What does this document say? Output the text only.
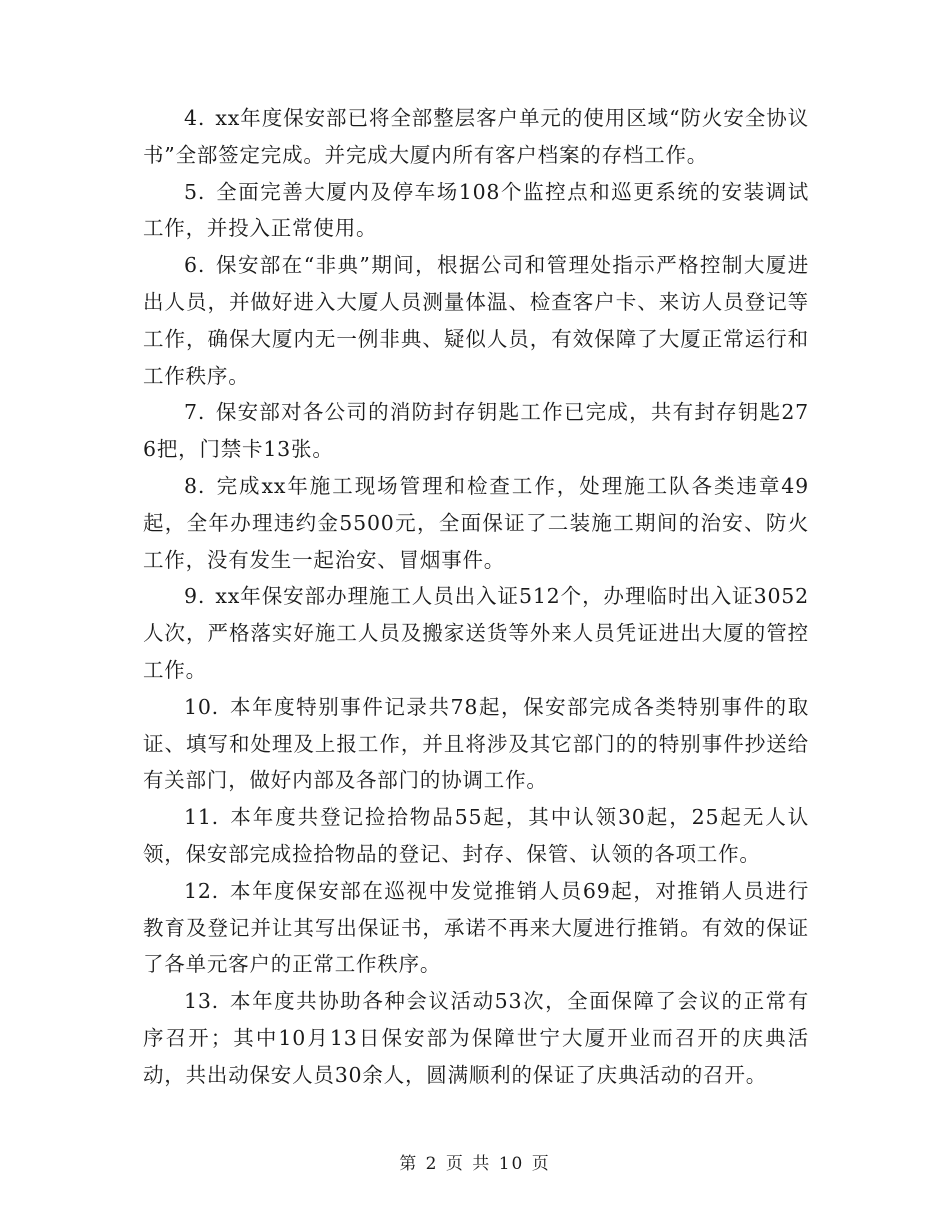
4. xx年度保安部已将全部整层客户单元的使用区域“防火安全协议书”全部签定完成。并完成大厦内所有客户档案的存档工作。

5. 全面完善大厦内及停车场108个监控点和巡更系统的安装调试工作，并投入正常使用。

6. 保安部在“非典”期间，根据公司和管理处指示严格控制大厦进出人员，并做好进入大厦人员测量体温、检查客户卡、来访人员登记等工作，确保大厦内无一例非典、疑似人员，有效保障了大厦正常运行和工作秩序。

7. 保安部对各公司的消防封存钥匙工作已完成，共有封存钥匙276把，门禁卡13张。

8. 完成xx年施工现场管理和检查工作，处理施工队各类违章49起，全年办理违约金5500元，全面保证了二装施工期间的治安、防火工作，没有发生一起治安、冒烟事件。

9. xx年保安部办理施工人员出入证512个，办理临时出入证3052人次，严格落实好施工人员及搬家送货等外来人员凭证进出大厦的管控工作。

10. 本年度特别事件记录共78起，保安部完成各类特别事件的取证、填写和处理及上报工作，并且将涉及其它部门的的特别事件抄送给有关部门，做好内部及各部门的协调工作。

11. 本年度共登记捡拾物品55起，其中认领30起，25起无人认领，保安部完成捡拾物品的登记、封存、保管、认领的各项工作。

12. 本年度保安部在巡视中发觉推销人员69起，对推销人员进行教育及登记并让其写出保证书，承诺不再来大厦进行推销。有效的保证了各单元客户的正常工作秩序。

13. 本年度共协助各种会议活动53次，全面保障了会议的正常有序召开；其中10月13日保安部为保障世宁大厦开业而召开的庆典活动，共出动保安人员30余人，圆满顺利的保证了庆典活动的召开。

第 2 页 共 10 页
